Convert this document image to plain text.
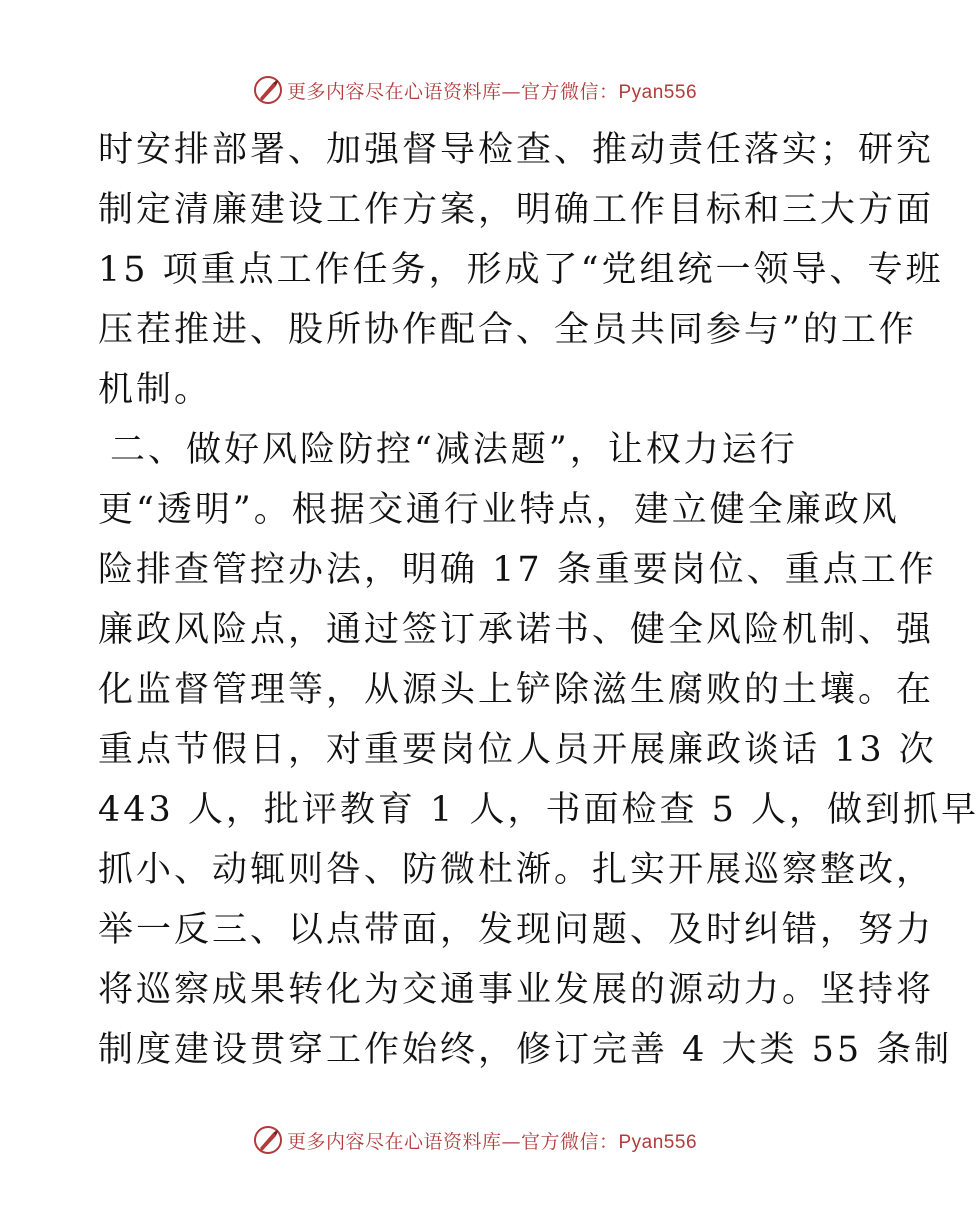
更多内容尽在心语资料库—官方微信：Pyan556
时安排部署、加强督导检查、推动责任落实；研究
制定清廉建设工作方案，明确工作目标和三大方面
15 项重点工作任务，形成了“党组统一领导、专班
压茬推进、股所协作配合、全员共同参与”的工作
机制。
二、做好风险防控“减法题”，让权力运行
更“透明”。根据交通行业特点，建立健全廉政风
险排查管控办法，明确 17 条重要岗位、重点工作
廉政风险点，通过签订承诺书、健全风险机制、强
化监督管理等，从源头上铲除滋生腐败的土壤。在
重点节假日，对重要岗位人员开展廉政谈话 13 次
443 人，批评教育 1 人，书面检查 5 人，做到抓早
抓小、动辄则咎、防微杜渐。扎实开展巡察整改，
举一反三、以点带面，发现问题、及时纠错，努力
将巡察成果转化为交通事业发展的源动力。坚持将
制度建设贯穿工作始终，修订完善 4 大类 55 条制
更多内容尽在心语资料库—官方微信：Pyan556
